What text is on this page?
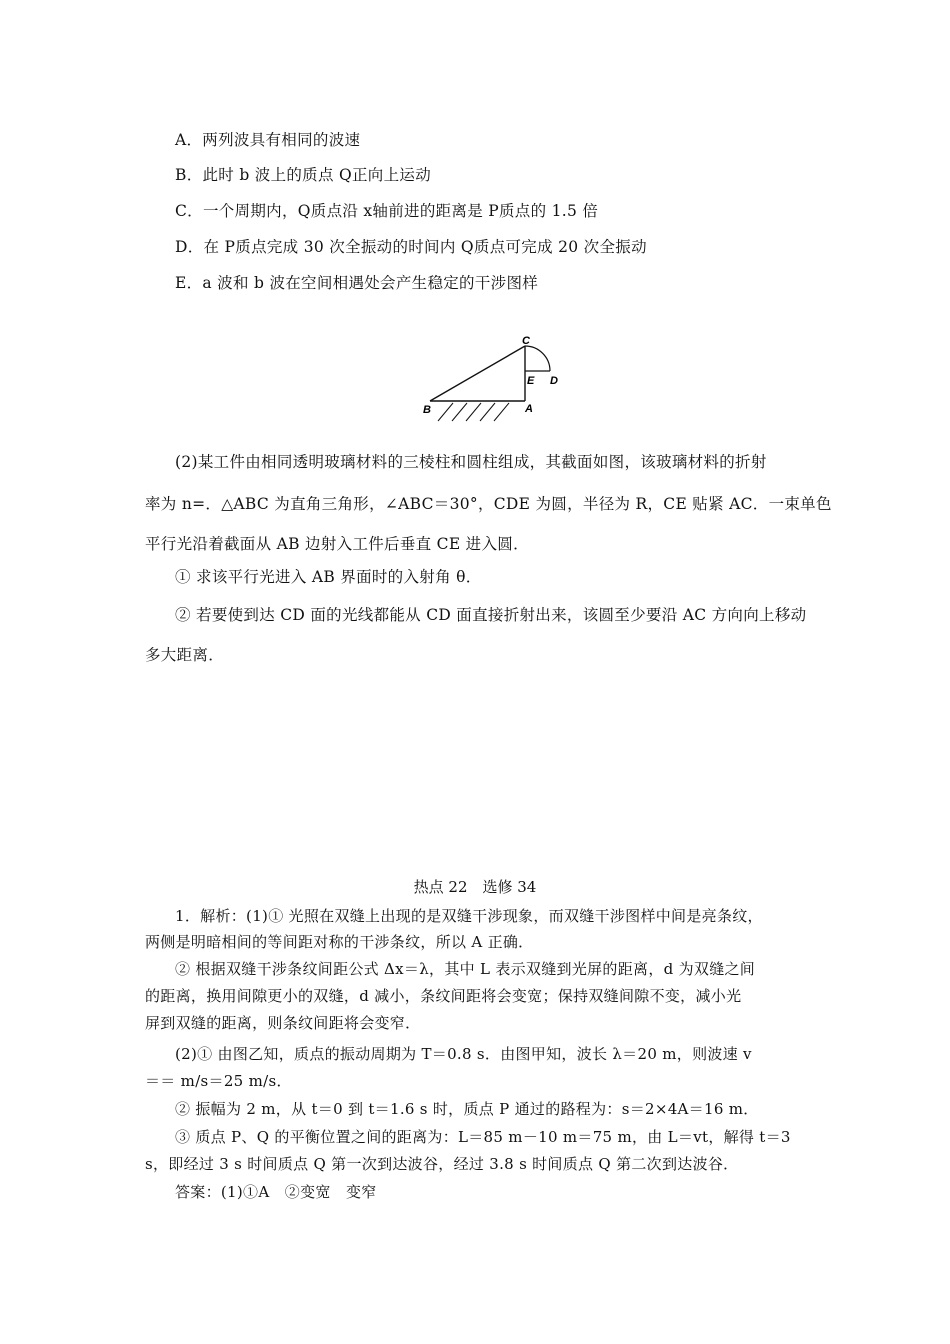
A．两列波具有相同的波速
B．此时 b 波上的质点 Q正向上运动
C．一个周期内，Q质点沿 x轴前进的距离是 P质点的 1.5 倍
D．在 P质点完成 30 次全振动的时间内 Q质点可完成 20 次全振动
E．a 波和 b 波在空间相遇处会产生稳定的干涉图样
C
E D
B	A
(2)某工件由相同透明玻璃材料的三棱柱和圆柱组成，其截面如图，该玻璃材料的折射
率为 n=．△ABC 为直角三角形，∠ABC＝30°，CDE 为圆，半径为 R，CE 贴紧 AC．一束单色
平行光沿着截面从 AB 边射入工件后垂直 CE 进入圆．
① 求该平行光进入 AB 界面时的入射角 θ．
② 若要使到达 CD 面的光线都能从 CD 面直接折射出来，该圆至少要沿 AC 方向向上移动
多大距离．
热点 22　选修 34
1．解析：(1)① 光照在双缝上出现的是双缝干涉现象，而双缝干涉图样中间是亮条纹，
两侧是明暗相间的等间距对称的干涉条纹，所以 A 正确．
② 根据双缝干涉条纹间距公式 Δx＝λ，其中 L 表示双缝到光屏的距离，d 为双缝之间
的距离，换用间隙更小的双缝，d 减小，条纹间距将会变宽；保持双缝间隙不变，减小光
屏到双缝的距离，则条纹间距将会变窄．
(2)① 由图乙知，质点的振动周期为 T＝0.8 s．由图甲知，波长 λ＝20 m，则波速 v
＝＝ m/s＝25 m/s．
② 振幅为 2 m，从 t＝0 到 t＝1.6 s 时，质点 P 通过的路程为：s＝2×4A＝16 m．
③ 质点 P、Q 的平衡位置之间的距离为：L＝85 m－10 m＝75 m，由 L＝vt，解得 t＝3
s，即经过 3 s 时间质点 Q 第一次到达波谷，经过 3.8 s 时间质点 Q 第二次到达波谷．
答案：(1)①A　②变宽　变窄
